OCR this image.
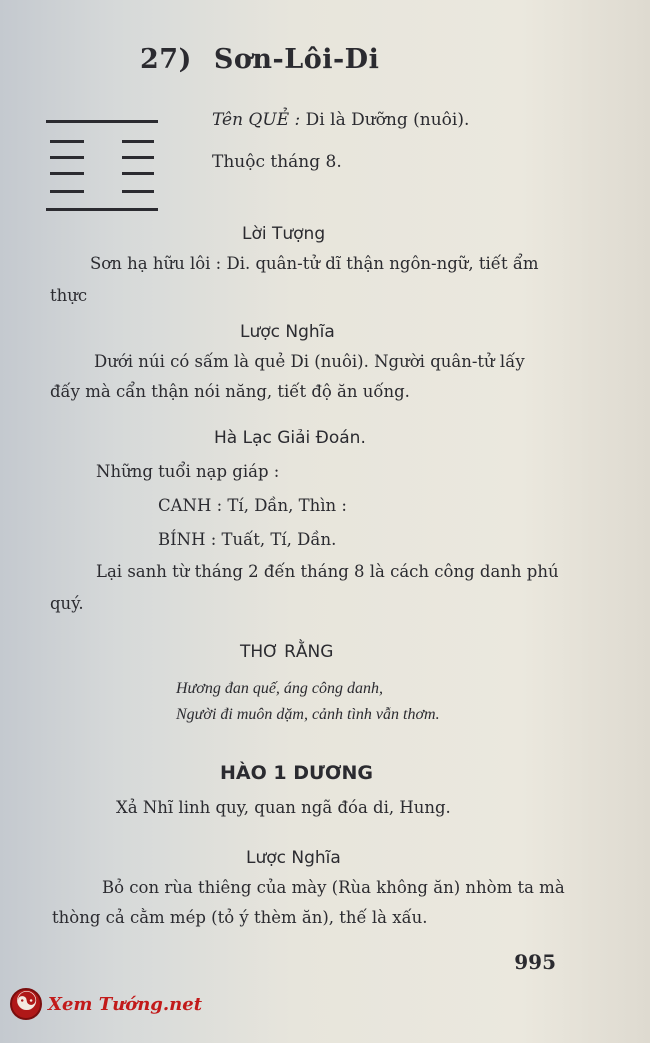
27) Sơn-Lôi-Di
Tên QUẺ : Di là Dưỡng (nuôi).
Thuộc tháng 8.
Lời Tượng
Sơn hạ hữu lôi : Di. quân-tử dĩ thận ngôn-ngữ, tiết ẩm
thực
Lược Nghĩa
Dưới núi có sấm là quẻ Di (nuôi). Người quân-tử lấy
đấy mà cẩn thận nói năng, tiết độ ăn uống.
Hà Lạc Giải Đoán.
Những tuổi nạp giáp :
CANH : Tí, Dần, Thìn :
BÍNH : Tuất, Tí, Dần.
Lại sanh từ tháng 2 đến tháng 8 là cách công danh phú
quý.
THƠ RẰNG
Hương đan quế, áng công danh,
Người đi muôn dặm, cảnh tình vẫn thơm.
HÀO 1 DƯƠNG
Xả Nhĩ linh quy, quan ngã đóa di, Hung.
Lược Nghĩa
Bỏ con rùa thiêng của mày (Rùa không ăn) nhòm ta mà
thòng cả cằm mép (tỏ ý thèm ăn), thế là xấu.
995
☯
Xem Tướng.net
